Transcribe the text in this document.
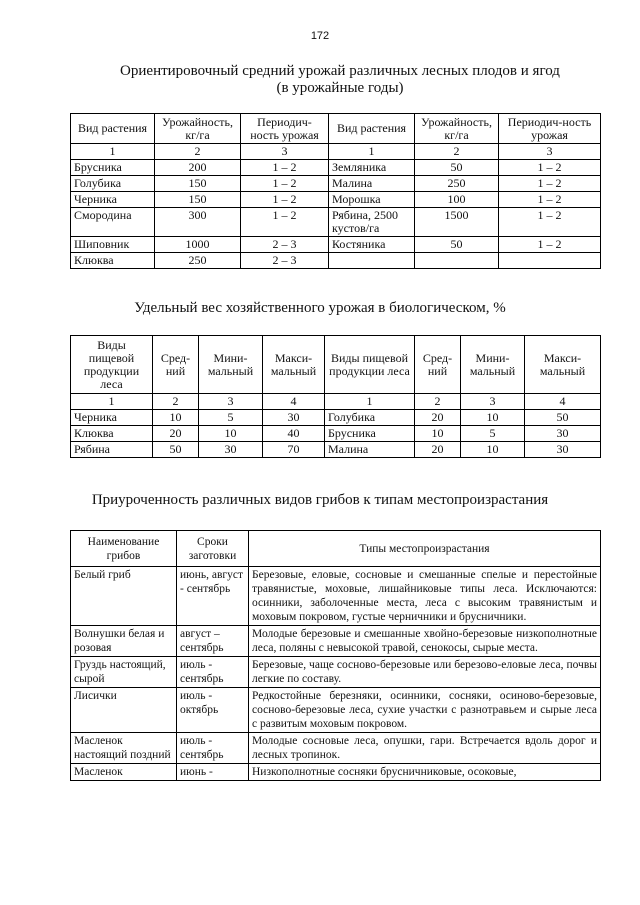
172
Ориентировочный средний урожай различных лесных плодов и ягод
(в урожайные годы)
Вид растения	Урожайность, кг/га	Периодич-ность урожая	Вид растения	Урожайность, кг/га	Периодич-ность урожая
1	2	3	1	2	3
Брусника	200	1 – 2	Земляника	50	1 – 2
Голубика	150	1 – 2	Малина	250	1 – 2
Черника	150	1 – 2	Морошка	100	1 – 2
Смородина	300	1 – 2	Рябина, 2500 кустов/га	1500	1 – 2
Шиповник	1000	2 – 3	Костяника	50	1 – 2
Клюква	250	2 – 3			
Удельный вес хозяйственного урожая в биологическом, %
Виды пищевой продукции леса	Сред-ний	Мини-мальный	Макси-мальный	Виды пищевой продукции леса	Сред-ний	Мини-мальный	Макси-мальный
1	2	3	4	1	2	3	4
Черника	10	5	30	Голубика	20	10	50
Клюква	20	10	40	Брусника	10	5	30
Рябина	50	30	70	Малина	20	10	30
Приуроченность различных видов грибов к типам местопроизрастания
Наименование грибов	Сроки заготовки	Типы местопроизрастания
Белый гриб	июнь, август - сентябрь	Березовые, еловые, сосновые и смешанные спелые и перестойные травянистые, моховые, лишайниковые типы леса. Исключаются: осинники, заболоченные места, леса с высоким травянистым и моховым покровом, густые черничники и брусничники.
Волнушки белая и розовая	август – сентябрь	Молодые березовые и смешанные хвойно-березовые низкополнотные леса, поляны с невысокой травой, сенокосы, сырые места.
Груздь настоящий, сырой	июль - сентябрь	Березовые, чаще сосново-березовые или березово-еловые леса, почвы легкие по составу.
Лисички	июль - октябрь	Редкостойные березняки, осинники, сосняки, осиново-березовые, сосново-березовые леса, сухие участки с разнотравьем и сырые леса с развитым моховым покровом.
Масленок настоящий поздний	июль - сентябрь	Молодые сосновые леса, опушки, гари. Встречается вдоль дорог и лесных тропинок.
Масленок	июнь -	Низкополнотные сосняки брусничниковые, осоковые,
